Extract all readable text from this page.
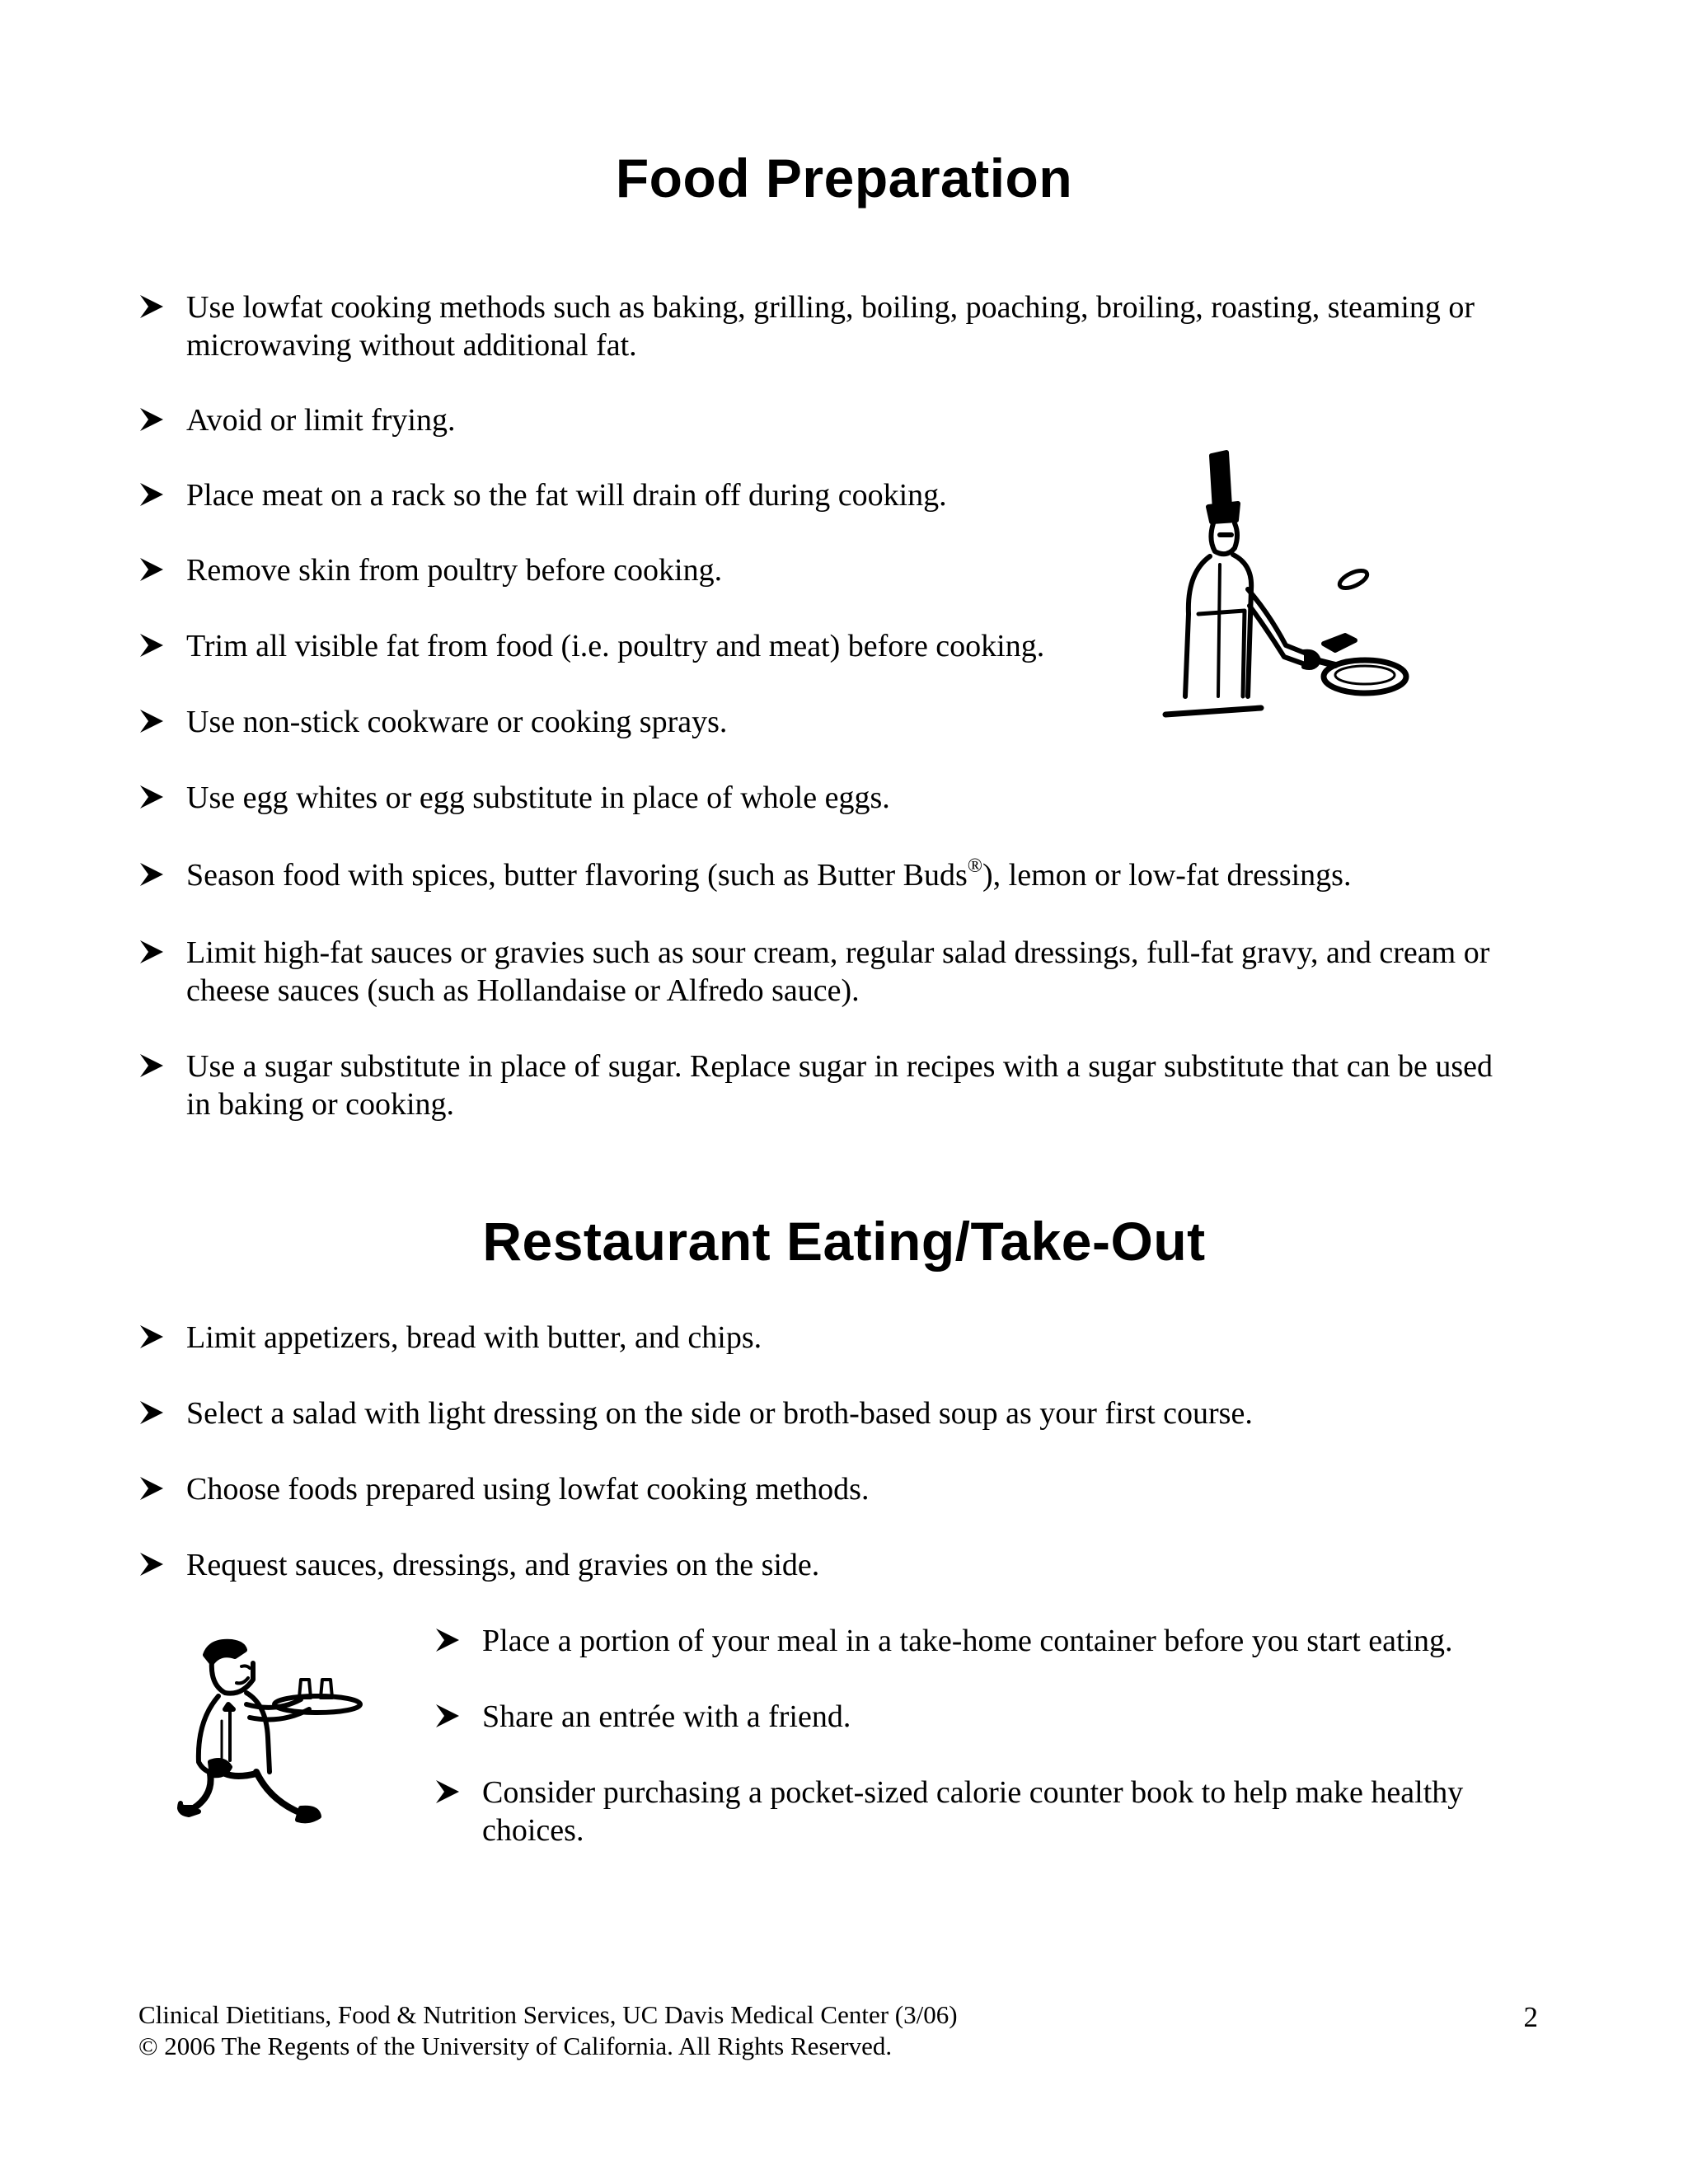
Food Preparation
Use lowfat cooking methods such as baking, grilling, boiling, poaching, broiling, roasting, steaming or microwaving without additional fat.
Avoid or limit frying.
Place meat on a rack so the fat will drain off during cooking.
Remove skin from poultry before cooking.
Trim all visible fat from food (i.e. poultry and meat) before cooking.
Use non-stick cookware or cooking sprays.
Use egg whites or egg substitute in place of whole eggs.
Season food with spices, butter flavoring (such as Butter Buds®), lemon or low-fat dressings.
Limit high-fat sauces or gravies such as sour cream, regular salad dressings, full-fat gravy, and cream or cheese sauces (such as Hollandaise or Alfredo sauce).
Use a sugar substitute in place of sugar. Replace sugar in recipes with a sugar substitute that can be used in baking or cooking.
Restaurant Eating/Take-Out
Limit appetizers, bread with butter, and chips.
Select a salad with light dressing on the side or broth-based soup as your first course.
Choose foods prepared using lowfat cooking methods.
Request sauces, dressings, and gravies on the side.
Place a portion of your meal in a take-home container before you start eating.
Share an entrée with a friend.
Consider purchasing a pocket-sized calorie counter book to help make healthy choices.
Clinical Dietitians, Food & Nutrition Services, UC Davis Medical Center (3/06)
© 2006 The Regents of the University of California. All Rights Reserved.
2
